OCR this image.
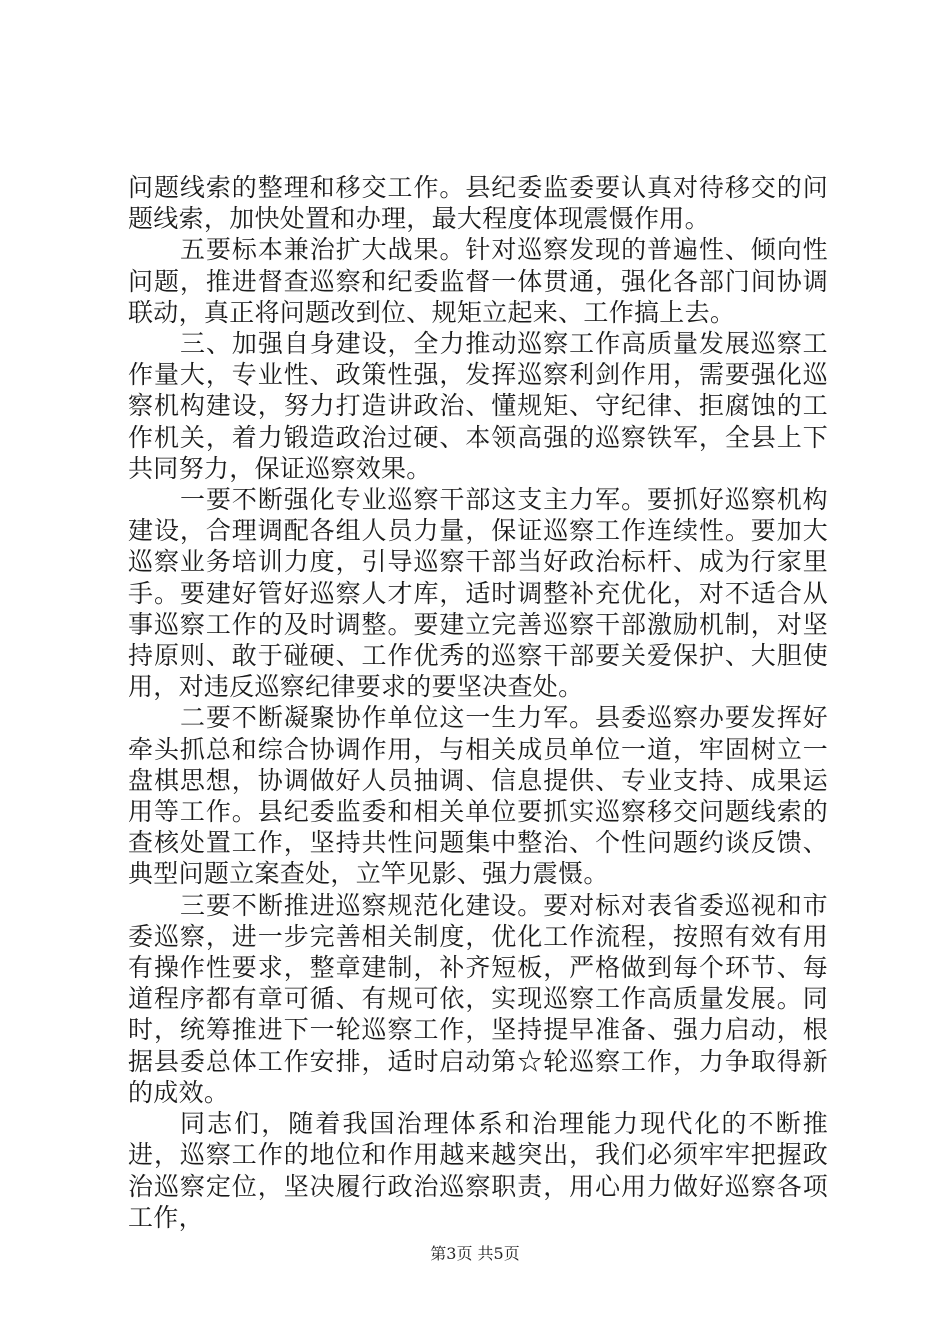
问题线索的整理和移交工作。县纪委监委要认真对待移交的问题线索，加快处置和办理，最大程度体现震慑作用。

五要标本兼治扩大战果。针对巡察发现的普遍性、倾向性问题，推进督查巡察和纪委监督一体贯通，强化各部门间协调联动，真正将问题改到位、规矩立起来、工作搞上去。

三、加强自身建设，全力推动巡察工作高质量发展巡察工作量大，专业性、政策性强，发挥巡察利剑作用，需要强化巡察机构建设，努力打造讲政治、懂规矩、守纪律、拒腐蚀的工作机关，着力锻造政治过硬、本领高强的巡察铁军，全县上下共同努力，保证巡察效果。

一要不断强化专业巡察干部这支主力军。要抓好巡察机构建设，合理调配各组人员力量，保证巡察工作连续性。要加大巡察业务培训力度，引导巡察干部当好政治标杆、成为行家里手。要建好管好巡察人才库，适时调整补充优化，对不适合从事巡察工作的及时调整。要建立完善巡察干部激励机制，对坚持原则、敢于碰硬、工作优秀的巡察干部要关爱保护、大胆使用，对违反巡察纪律要求的要坚决查处。

二要不断凝聚协作单位这一生力军。县委巡察办要发挥好牵头抓总和综合协调作用，与相关成员单位一道，牢固树立一盘棋思想，协调做好人员抽调、信息提供、专业支持、成果运用等工作。县纪委监委和相关单位要抓实巡察移交问题线索的查核处置工作，坚持共性问题集中整治、个性问题约谈反馈、典型问题立案查处，立竿见影、强力震慑。

三要不断推进巡察规范化建设。要对标对表省委巡视和市委巡察，进一步完善相关制度，优化工作流程，按照有效有用有操作性要求，整章建制，补齐短板，严格做到每个环节、每道程序都有章可循、有规可依，实现巡察工作高质量发展。同时，统筹推进下一轮巡察工作，坚持提早准备、强力启动，根据县委总体工作安排，适时启动第☆轮巡察工作，力争取得新的成效。

同志们，随着我国治理体系和治理能力现代化的不断推进，巡察工作的地位和作用越来越突出，我们必须牢牢把握政治巡察定位，坚决履行政治巡察职责，用心用力做好巡察各项工作，

第3页 共5页
